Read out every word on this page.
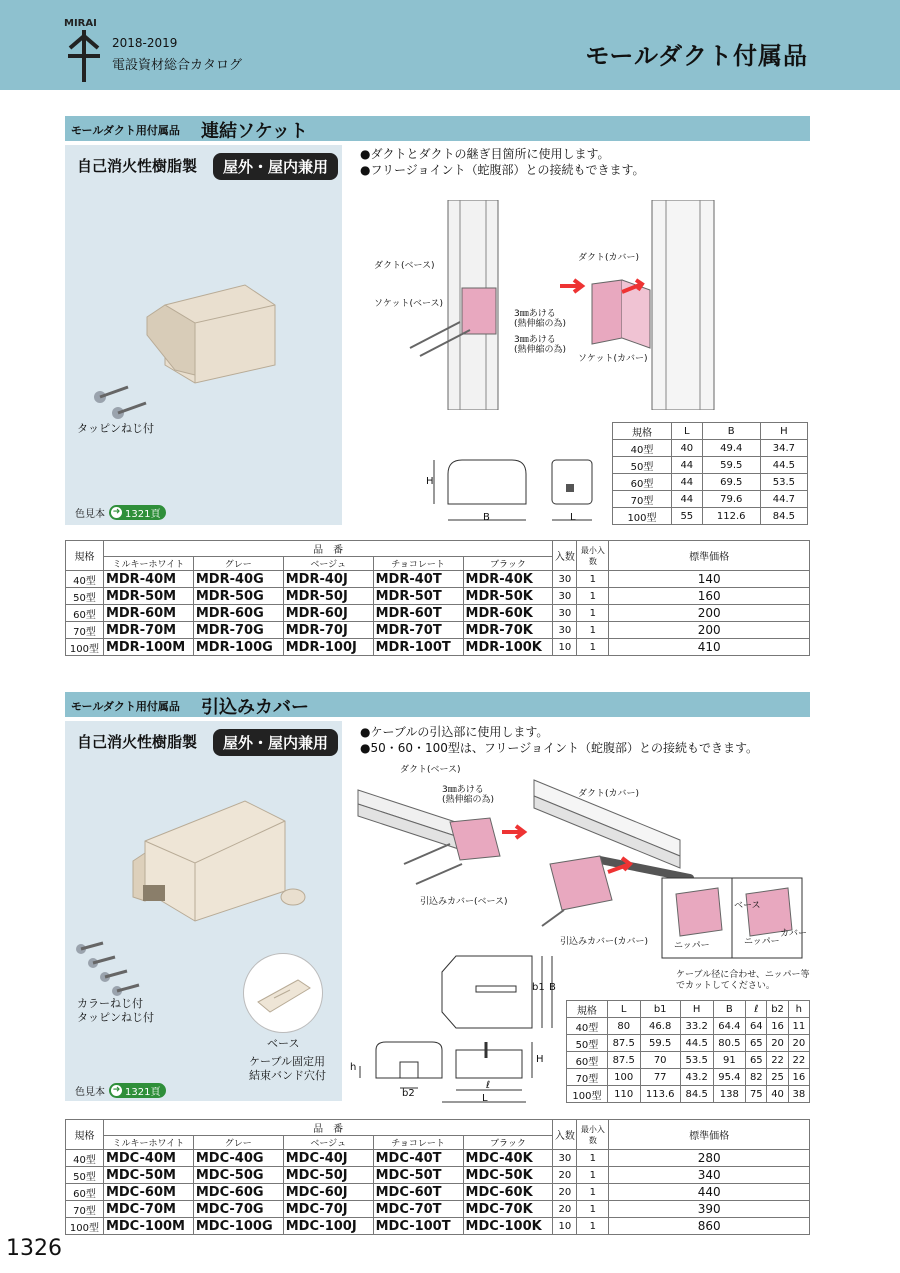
MIRAI
2018-2019
電設資材総合カタログ	モールダクト付属品
モールダクト用付属品 連結ソケット
自己消火性樹脂製	屋外・屋内兼用
タッピンねじ付
色見本 ➜ 1321頁
●ダクトとダクトの継ぎ目箇所に使用します。
●フリージョイント（蛇腹部）との接続もできます。
ダクト(ベース)
ソケット(ベース)
3㎜あける
(熱伸縮の為)
3㎜あける
(熱伸縮の為)
ダクト(カバー)
ソケット(カバー)
H
B	L
規格	L	B	H
40型	40	49.4	34.7
50型	44	59.5	44.5
60型	44	69.5	53.5
70型	44	79.6	44.7
100型	55	112.6	84.5
規格	品　番					入数	最小入数	標準価格
	ミルキーホワイト	グレー	ベージュ	チョコレート	ブラック			
40型	MDR-40M	MDR-40G	MDR-40J	MDR-40T	MDR-40K	30	1	140
50型	MDR-50M	MDR-50G	MDR-50J	MDR-50T	MDR-50K	30	1	160
60型	MDR-60M	MDR-60G	MDR-60J	MDR-60T	MDR-60K	30	1	200
70型	MDR-70M	MDR-70G	MDR-70J	MDR-70T	MDR-70K	30	1	200
100型	MDR-100M	MDR-100G	MDR-100J	MDR-100T	MDR-100K	10	1	410
モールダクト用付属品 引込みカバー
自己消火性樹脂製	屋外・屋内兼用
カラーねじ付
タッピンねじ付
ベース
ケーブル固定用
結束バンド穴付
色見本 ➜ 1321頁
●ケーブルの引込部に使用します。
●50・60・100型は、フリージョイント（蛇腹部）との接続もできます。
ダクト(ベース)
3㎜あける
(熱伸縮の為)
引込みカバー(ベース)
ダクト(カバー)
引込みカバー(カバー)	ニッパー	ニッパー
カバー
ベース
ケーブル径に合わせ、ニッパー等
でカットしてください。
b1 B
H
h
b2
ℓ
L
規格	L	b1	H	B	ℓ	b2	h
40型	80	46.8	33.2	64.4	64	16	11
50型	87.5	59.5	44.5	80.5	65	20	20
60型	87.5	70	53.5	91	65	22	22
70型	100	77	43.2	95.4	82	25	16
100型	110	113.6	84.5	138	75	40	38
規格	品　番					入数	最小入数	標準価格
	ミルキーホワイト	グレー	ベージュ	チョコレート	ブラック			
40型	MDC-40M	MDC-40G	MDC-40J	MDC-40T	MDC-40K	30	1	280
50型	MDC-50M	MDC-50G	MDC-50J	MDC-50T	MDC-50K	20	1	340
60型	MDC-60M	MDC-60G	MDC-60J	MDC-60T	MDC-60K	20	1	440
70型	MDC-70M	MDC-70G	MDC-70J	MDC-70T	MDC-70K	20	1	390
100型	MDC-100M	MDC-100G	MDC-100J	MDC-100T	MDC-100K	10	1	860
1326
